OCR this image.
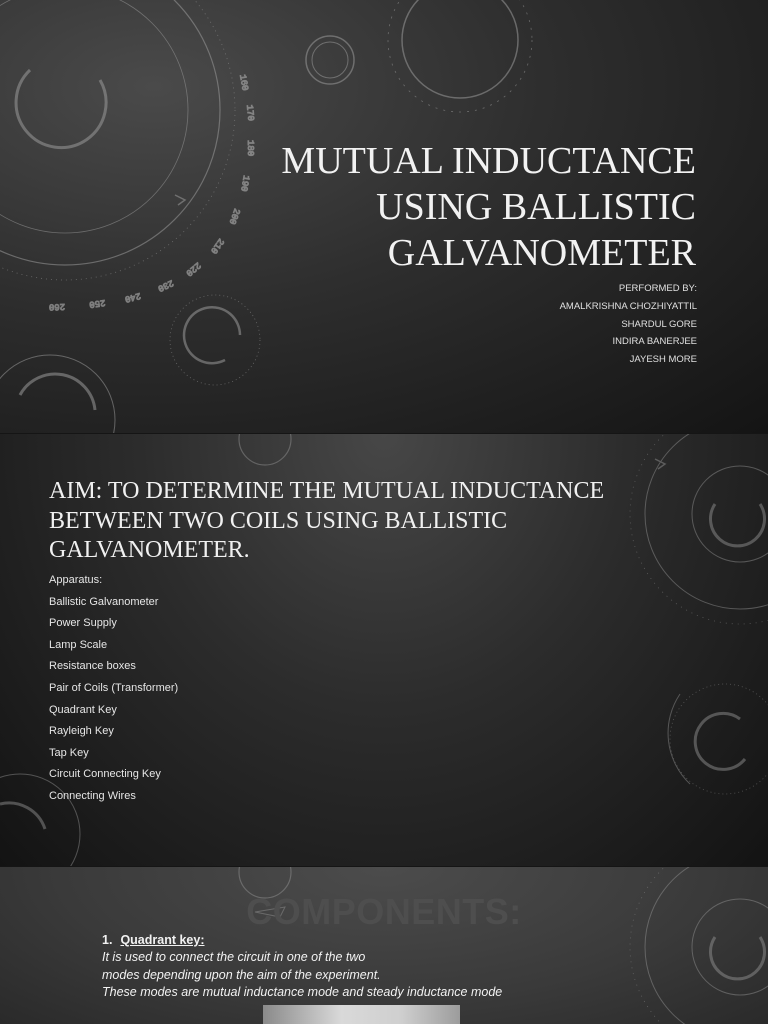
160
170
180
190
200
210
220
230
240
250
260
MUTUAL INDUCTANCE
USING BALLISTIC
GALVANOMETER
PERFORMED BY:
AMALKRISHNA CHOZHIYATTIL
SHARDUL GORE
INDIRA BANERJEE
JAYESH MORE
AIM: TO DETERMINE THE MUTUAL INDUCTANCE
BETWEEN TWO COILS USING BALLISTIC
GALVANOMETER.
Apparatus:
Ballistic Galvanometer
Power Supply
Lamp Scale
Resistance boxes
Pair of Coils (Transformer)
Quadrant Key
Rayleigh Key
Tap Key
Circuit Connecting Key
Connecting Wires
COMPONENTS:
1. Quadrant key:
It is used to connect the circuit in one of the two
modes depending upon the aim of the experiment.
These modes are mutual inductance mode and steady inductance mode
